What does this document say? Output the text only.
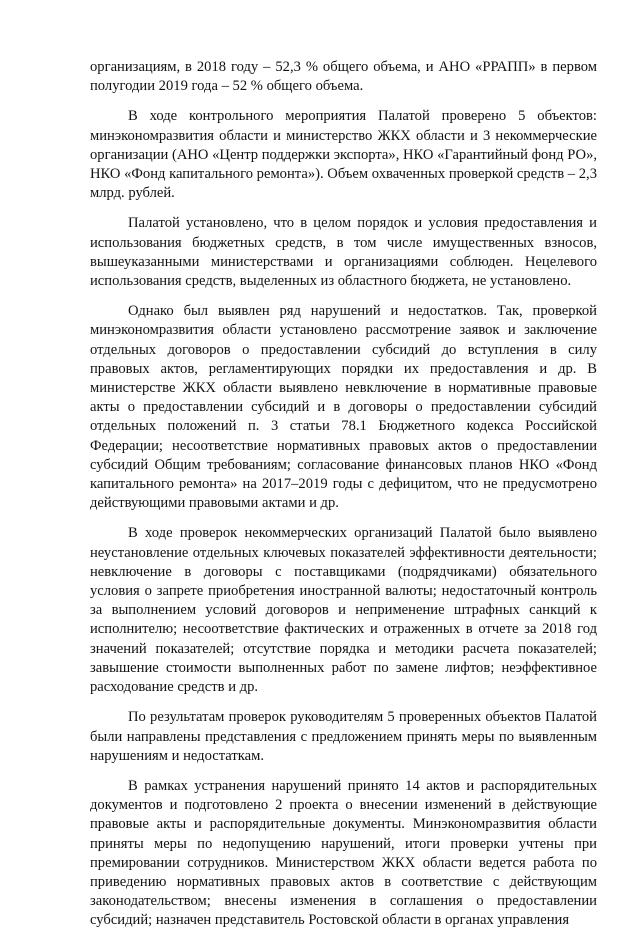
организациям, в 2018 году – 52,3 % общего объема, и АНО «РРАПП» в первом полугодии 2019 года – 52 % общего объема.

В ходе контрольного мероприятия Палатой проверено 5 объектов: минэкономразвития области и министерство ЖКХ области и 3 некоммерческие организации (АНО «Центр поддержки экспорта», НКО «Гарантийный фонд РО», НКО «Фонд капитального ремонта»). Объем охваченных проверкой средств – 2,3 млрд. рублей.

Палатой установлено, что в целом порядок и условия предоставления и использования бюджетных средств, в том числе имущественных взносов, вышеуказанными министерствами и организациями соблюден. Нецелевого использования средств, выделенных из областного бюджета, не установлено.

Однако был выявлен ряд нарушений и недостатков. Так, проверкой минэкономразвития области установлено рассмотрение заявок и заключение отдельных договоров о предоставлении субсидий до вступления в силу правовых актов, регламентирующих порядки их предоставления и др. В министерстве ЖКХ области выявлено невключение в нормативные правовые акты о предоставлении субсидий и в договоры о предоставлении субсидий отдельных положений п. 3 статьи 78.1 Бюджетного кодекса Российской Федерации; несоответствие нормативных правовых актов о предоставлении субсидий Общим требованиям; согласование финансовых планов НКО «Фонд капитального ремонта» на 2017–2019 годы с дефицитом, что не предусмотрено действующими правовыми актами и др.

В ходе проверок некоммерческих организаций Палатой было выявлено неустановление отдельных ключевых показателей эффективности деятельности; невключение в договоры с поставщиками (подрядчиками) обязательного условия о запрете приобретения иностранной валюты; недостаточный контроль за выполнением условий договоров и неприменение штрафных санкций к исполнителю; несоответствие фактических и отраженных в отчете за 2018 год значений показателей; отсутствие порядка и методики расчета показателей; завышение стоимости выполненных работ по замене лифтов; неэффективное расходование средств и др.

По результатам проверок руководителям 5 проверенных объектов Палатой были направлены представления с предложением принять меры по выявленным нарушениям и недостаткам.

В рамках устранения нарушений принято 14 актов и распорядительных документов и подготовлено 2 проекта о внесении изменений в действующие правовые акты и распорядительные документы. Минэкономразвития области приняты меры по недопущению нарушений, итоги проверки учтены при премировании сотрудников. Министерством ЖКХ области ведется работа по приведению нормативных правовых актов в соответствие с действующим законодательством; внесены изменения в соглашения о предоставлении субсидий; назначен представитель Ростовской области в органах управления
